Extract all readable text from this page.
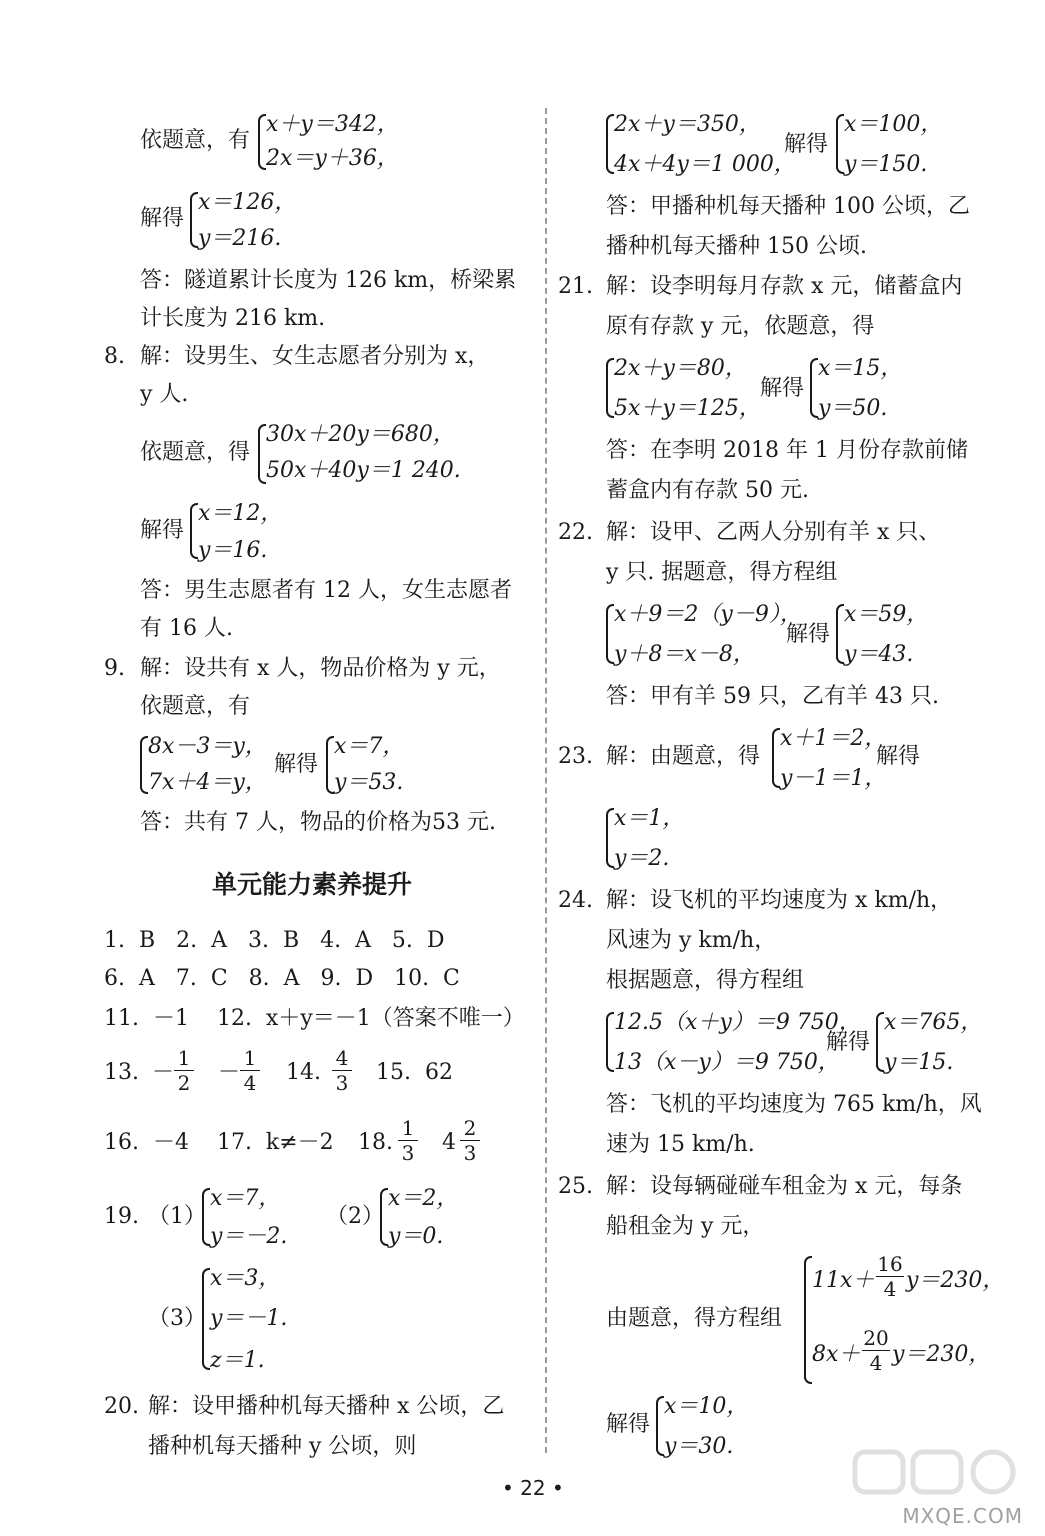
依题意，有
x＋y＝342，
2x＝y＋36，
解得
x＝126，
y＝216.
答：隧道累计长度为 126 km，桥梁累
计长度为 216 km.
8. 解：设男生、女生志愿者分别为 x，
y 人.
依题意，得
30x＋20y＝680，
50x＋40y＝1 240.
解得
x＝12，
y＝16.
答：男生志愿者有 12 人，女生志愿者
有 16 人.
9. 解：设共有 x 人，物品价格为 y 元，
依题意，有
8x－3＝y，
7x＋4＝y，
解得
x＝7，
y＝53.
答：共有 7 人，物品的价格为53 元.
单元能力素养提升
1.  B   2.  A   3.  B   4.  A   5.  D
6.  A   7.  C   8.  A   9.  D   10.  C
11.  －1    12.  x＋y＝－1（答案不唯一）
13. －
1
2 －
1
4 14.
4
3 15.  62
16.  －4    17.  k≠－2 18.
1
3 4
2
3
19. （1）
x＝7，
y＝－2.
（2）
x＝2，
y＝0.
（3）
x＝3，
y＝－1.
z＝1.
20. 解：设甲播种机每天播种 x 公顷，乙
播种机每天播种 y 公顷，则
2x＋y＝350，
4x＋4y＝1 000，
解得
x＝100，
y＝150.
答：甲播种机每天播种 100 公顷，乙
播种机每天播种 150 公顷.
21. 解：设李明每月存款 x 元，储蓄盒内
原有存款 y 元，依题意，得
2x＋y＝80，
5x＋y＝125，
解得
x＝15，
y＝50.
答：在李明 2018 年 1 月份存款前储
蓄盒内有存款 50 元.
22. 解：设甲、乙两人分别有羊 x 只、
y 只. 据题意，得方程组
x＋9＝2（y－9），
y＋8＝x－8，
解得
x＝59，
y＝43.
答：甲有羊 59 只，乙有羊 43 只.
23. 解：由题意，得
x＋1＝2，
y－1＝1，
解得
x＝1，
y＝2.
24. 解：设飞机的平均速度为 x km/h，
风速为 y km/h，
根据题意，得方程组
12.5（x＋y）＝9 750，
13（x－y）＝9 750，
解得
x＝765，
y＝15.
答：飞机的平均速度为 765 km/h，风
速为 15 km/h.
25. 解：设每辆碰碰车租金为 x 元，每条
船租金为 y 元，
由题意，得方程组
11x＋
16
4 y＝230，
8x＋
20
4 y＝230，
解得
x＝10，
y＝30.
• 22 •
MXQE.COM
